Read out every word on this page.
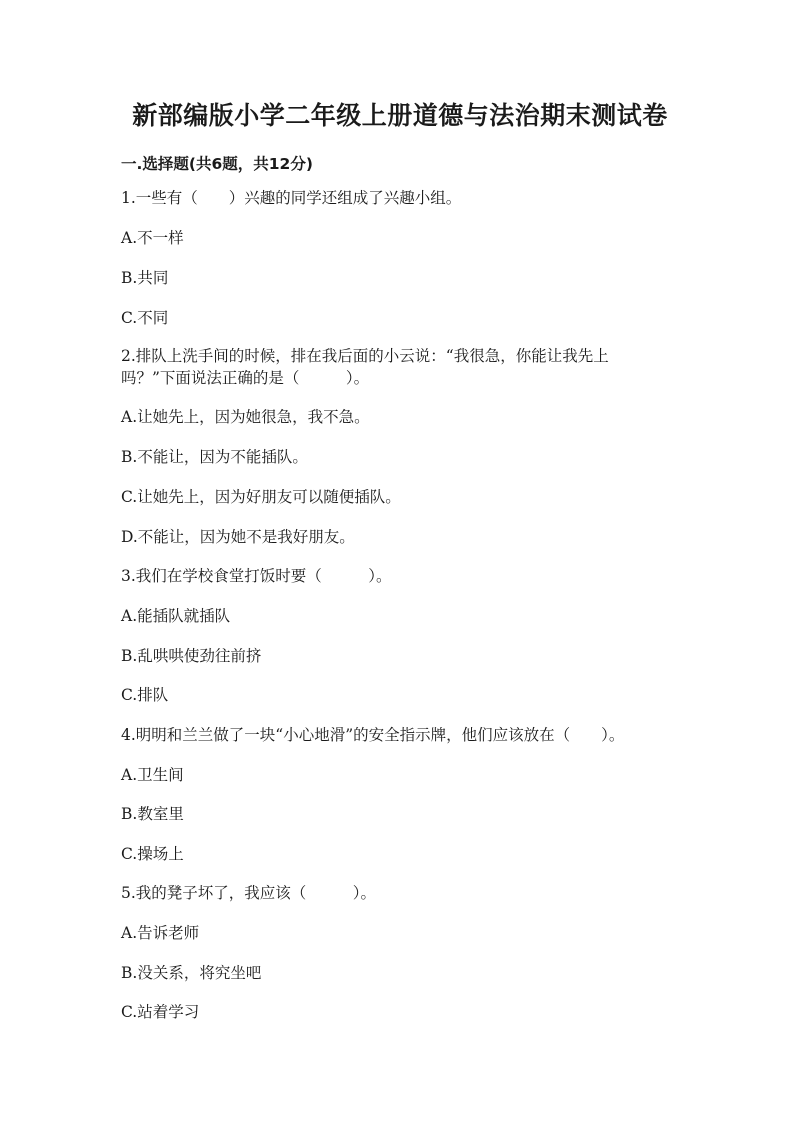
新部编版小学二年级上册道德与法治期末测试卷
一.选择题(共6题，共12分)
1.一些有（　　）兴趣的同学还组成了兴趣小组。
A.不一样
B.共同
C.不同
2.排队上洗手间的时候，排在我后面的小云说：“我很急，你能让我先上
吗？”下面说法正确的是（　　　）。
A.让她先上，因为她很急，我不急。
B.不能让，因为不能插队。
C.让她先上，因为好朋友可以随便插队。
D.不能让，因为她不是我好朋友。
3.我们在学校食堂打饭时要（　　　）。
A.能插队就插队
B.乱哄哄使劲往前挤
C.排队
4.明明和兰兰做了一块“小心地滑”的安全指示牌，他们应该放在（　　）。
A.卫生间
B.教室里
C.操场上
5.我的凳子坏了，我应该（　　　）。
A.告诉老师
B.没关系，将究坐吧
C.站着学习
